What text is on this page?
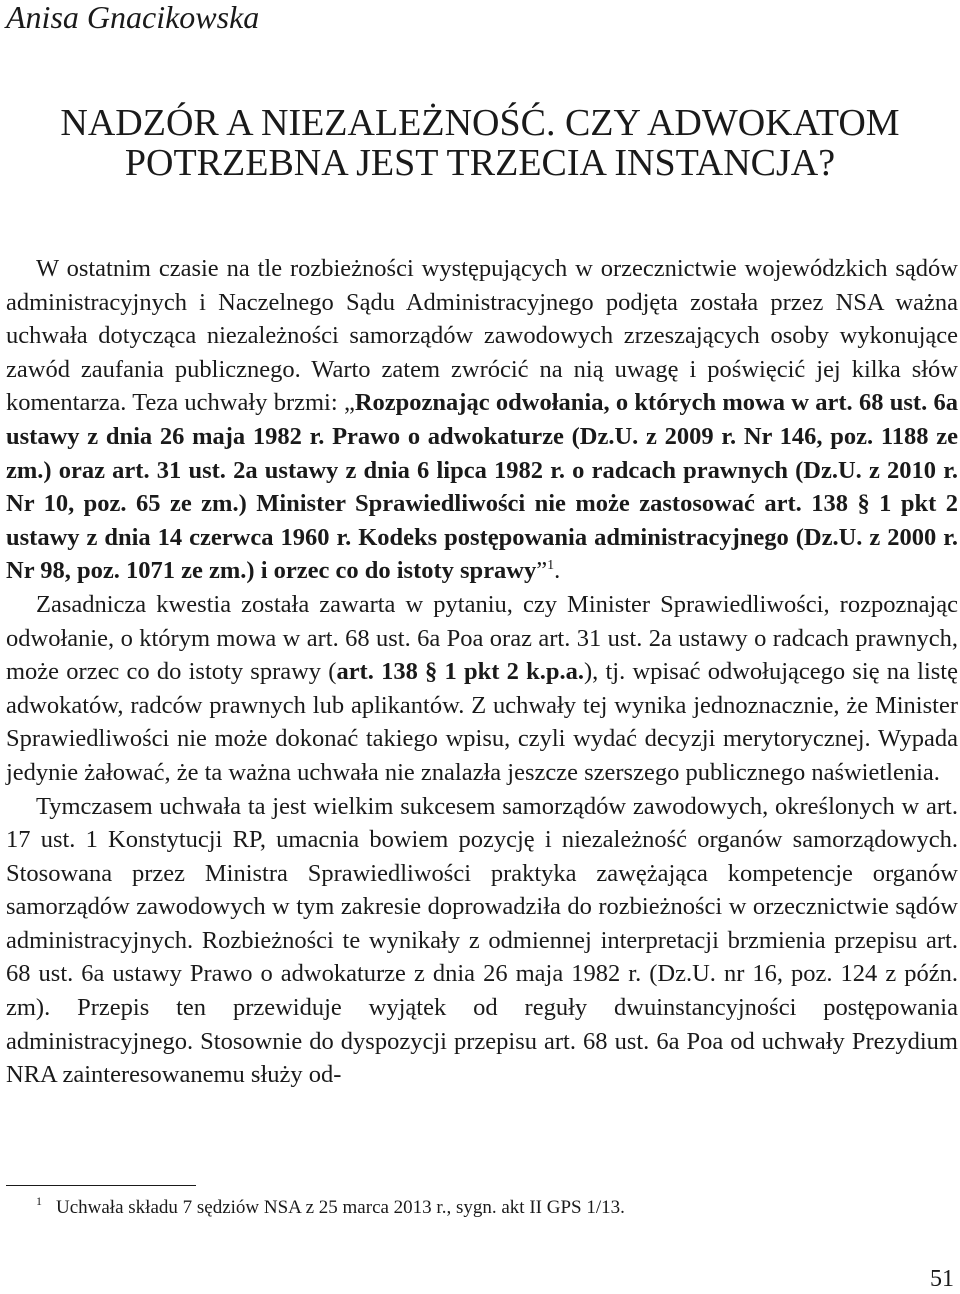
Anisa Gnacikowska
NADZÓR A NIEZALEŻNOŚĆ. CZY ADWOKATOM
POTRZEBNA JEST TRZECIA INSTANCJA?

W ostatnim czasie na tle rozbieżności występujących w orzecznictwie wojewódzkich sądów administracyjnych i Naczelnego Sądu Administracyjnego podjęta została przez NSA ważna uchwała dotycząca niezależności samorządów zawodowych zrzeszających osoby wykonujące zawód zaufania publicznego. Warto zatem zwrócić na nią uwagę i poświęcić jej kilka słów komentarza. Teza uchwały brzmi: „Rozpoznając odwołania, o których mowa w art. 68 ust. 6a ustawy z dnia 26 maja 1982 r. Prawo o adwokaturze (Dz.U. z 2009 r. Nr 146, poz. 1188 ze zm.) oraz art. 31 ust. 2a ustawy z dnia 6 lipca 1982 r. o radcach prawnych (Dz.U. z 2010 r. Nr 10, poz. 65 ze zm.) Minister Sprawiedliwości nie może zastosować art. 138 § 1 pkt 2 ustawy z dnia 14 czerwca 1960 r. Kodeks postępowania administracyjnego (Dz.U. z 2000 r. Nr 98, poz. 1071 ze zm.) i orzec co do istoty sprawy”$^1$.

Zasadnicza kwestia została zawarta w pytaniu, czy Minister Sprawiedliwości, rozpoznając odwołanie, o którym mowa w art. 68 ust. 6a Poa oraz art. 31 ust. 2a ustawy o radcach prawnych, może orzec co do istoty sprawy (art. 138 § 1 pkt 2 k.p.a.), tj. wpisać odwołującego się na listę adwokatów, radców prawnych lub aplikantów. Z uchwały tej wynika jednoznacznie, że Minister Sprawiedliwości nie może dokonać takiego wpisu, czyli wydać decyzji merytorycznej. Wypada jedynie żałować, że ta ważna uchwała nie znalazła jeszcze szerszego publicznego naświetlenia.

Tymczasem uchwała ta jest wielkim sukcesem samorządów zawodowych, określonych w art. 17 ust. 1 Konstytucji RP, umacnia bowiem pozycję i niezależność organów samorządowych. Stosowana przez Ministra Sprawiedliwości praktyka zawężająca kompetencje organów samorządów zawodowych w tym zakresie doprowadziła do rozbieżności w orzecznictwie sądów administracyjnych. Rozbieżności te wynikały z odmiennej interpretacji brzmienia przepisu art. 68 ust. 6a ustawy Prawo o adwokaturze z dnia 26 maja 1982 r. (Dz.U. nr 16, poz. 124 z późn. zm). Przepis ten przewiduje wyjątek od reguły dwuinstancyjności postępowania administracyjnego. Stosownie do dyspozycji przepisu art. 68 ust. 6a Poa od uchwały Prezydium NRA zainteresowanemu służy od-

$^1$ Uchwała składu 7 sędziów NSA z 25 marca 2013 r., sygn. akt II GPS 1/13.
51
